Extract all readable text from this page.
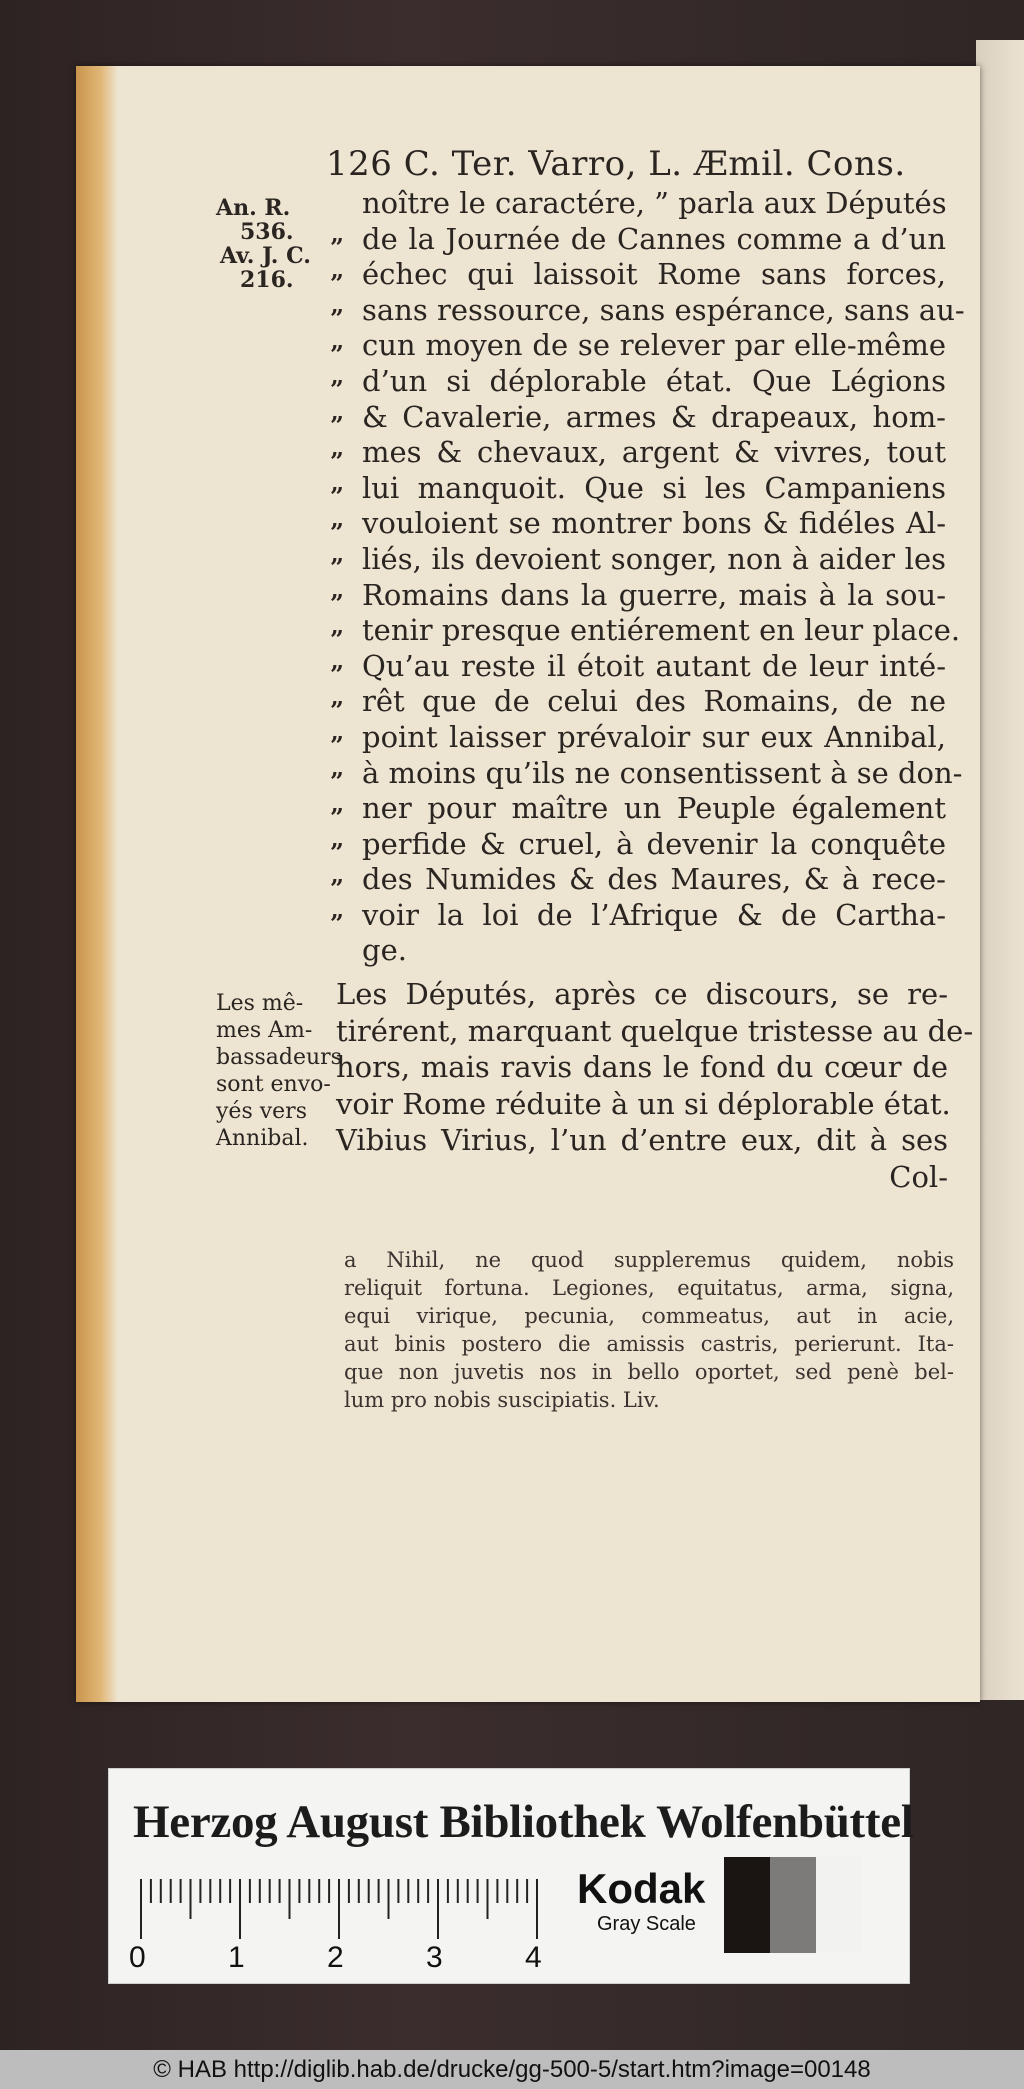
126 C. Ter. Varro, L. Æmil. Cons.
An. R.
536.
Av. J. C.
216.
”
”
”
”
”
”
”
”
”
”
”
”
”
”
”
”
”
”
”
”
noître le caractére, ” parla aux Députés
de la Journée de Cannes comme a d’un
échec qui laissoit Rome sans forces,
sans ressource, sans espérance, sans au-
cun moyen de se relever par elle-même
d’un si déplorable état. Que Légions
& Cavalerie, armes & drapeaux, hom-
mes & chevaux, argent & vivres, tout
lui manquoit. Que si les Campaniens
vouloient se montrer bons & fidéles Al-
liés, ils devoient songer, non à aider les
Romains dans la guerre, mais à la sou-
tenir presque entiérement en leur place.
Qu’au reste il étoit autant de leur inté-
rêt que de celui des Romains, de ne
point laisser prévaloir sur eux Annibal,
à moins qu’ils ne consentissent à se don-
ner pour maître un Peuple également
perfide & cruel, à devenir la conquête
des Numides & des Maures, & à rece-
voir la loi de l’Afrique & de Cartha-
ge.
Les mê-
mes Am-
bassadeurs
sont envo-
yés vers
Annibal.
Les Députés, après ce discours, se re-
tirérent, marquant quelque tristesse au de-
hors, mais ravis dans le fond du cœur de
voir Rome réduite à un si déplorable état.
Vibius Virius, l’un d’entre eux, dit à ses
Col-
a Nihil, ne quod suppleremus quidem, nobis
reliquit fortuna. Legiones, equitatus, arma, signa,
equi virique, pecunia, commeatus, aut in acie,
aut binis postero die amissis castris, perierunt. Ita-
que non juvetis nos in bello oportet, sed penè bel-
lum pro nobis suscipiatis. Liv.
Herzog August Bibliothek Wolfenbüttel
0	1	2	3	4
Kodak
Gray Scale
© HAB http://diglib.hab.de/drucke/gg-500-5/start.htm?image=00148
